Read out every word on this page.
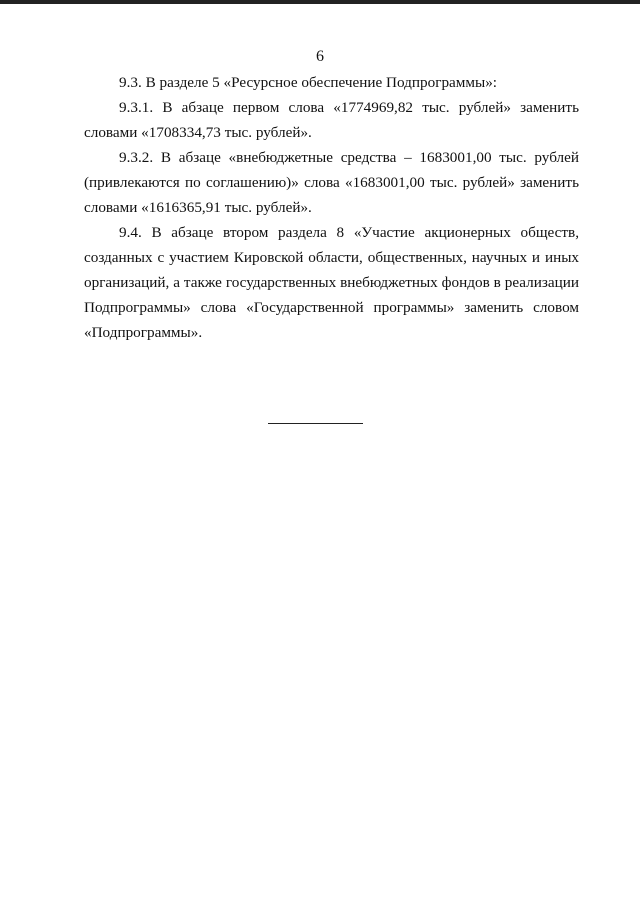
6

9.3. В разделе 5 «Ресурсное обеспечение Подпрограммы»:

9.3.1. В абзаце первом слова «1774969,82 тыс. рублей» заменить словами «1708334,73 тыс. рублей».

9.3.2. В абзаце «внебюджетные средства – 1683001,00 тыс. рублей (привлекаются по соглашению)» слова «1683001,00 тыс. рублей» заменить словами «1616365,91 тыс. рублей».

9.4. В абзаце втором раздела 8 «Участие акционерных обществ, созданных с участием Кировской области, общественных, научных и иных организаций, а также государственных внебюджетных фондов в реализации Подпрограммы» слова «Государственной программы» заменить словом «Подпрограммы».
